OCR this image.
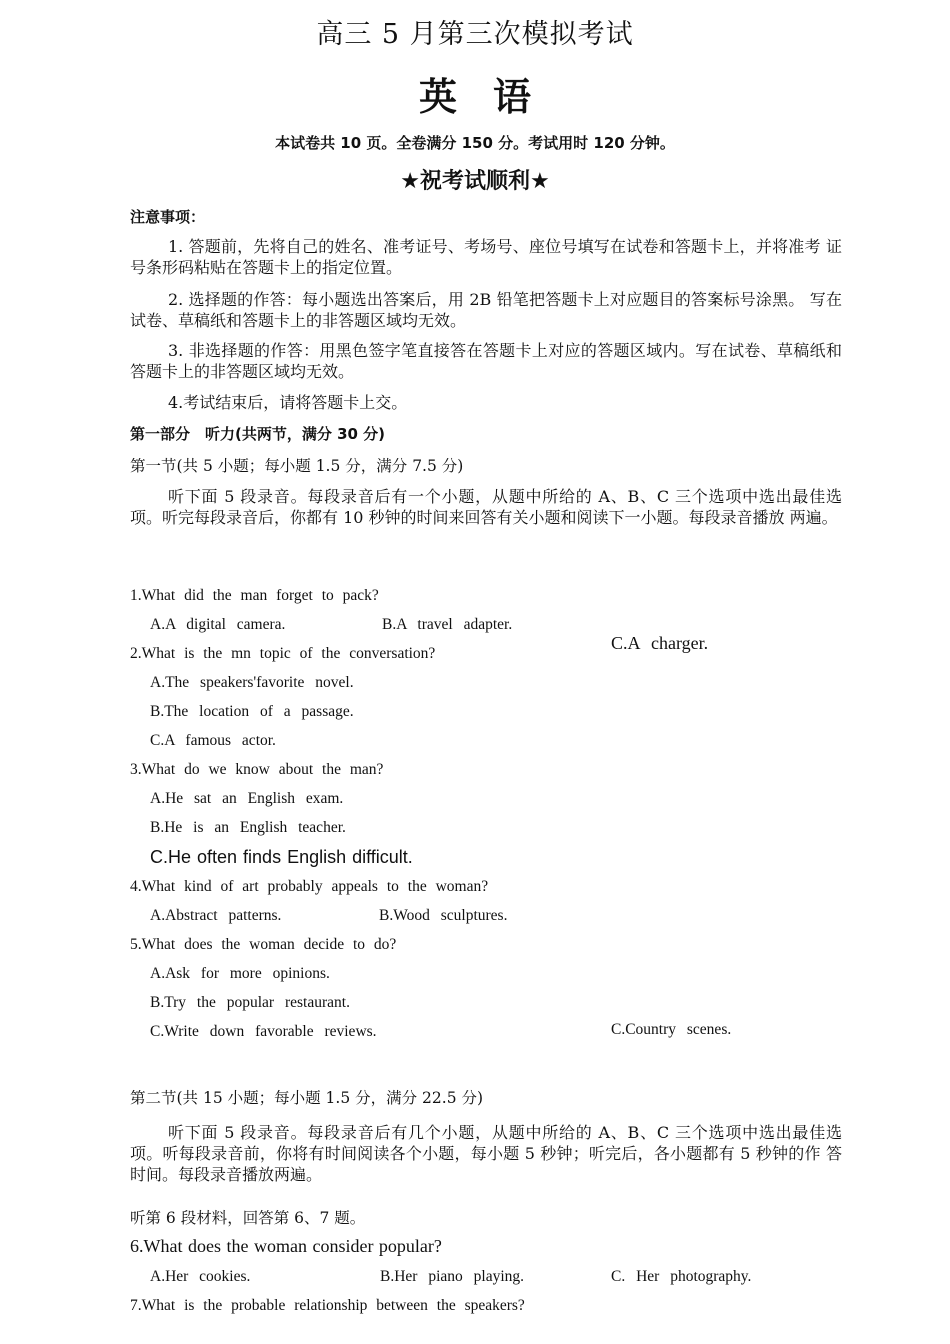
高三 5 月第三次模拟考试
英语
本试卷共 10 页。全卷满分 150 分。考试用时 120 分钟。
★祝考试顺利★
注意事项：
1. 答题前，先将自己的姓名、准考证号、考场号、座位号填写在试卷和答题卡上，并将准考 证号条形码粘贴在答题卡上的指定位置。
2. 选择题的作答：每小题选出答案后，用 2B 铅笔把答题卡上对应题目的答案标号涂黑。 写在试卷、草稿纸和答题卡上的非答题区域均无效。
3. 非选择题的作答：用黑色签字笔直接答在答题卡上对应的答题区域内。写在试卷、草稿纸和答题卡上的非答题区域均无效。
4.考试结束后，请将答题卡上交。
第一部分　听力(共两节，满分 30 分)
第一节(共 5 小题；每小题 1.5 分，满分 7.5 分)
听下面 5 段录音。每段录音后有一个小题，从题中所给的 A、B、C 三个选项中选出最佳选 项。听完每段录音后，你都有 10 秒钟的时间来回答有关小题和阅读下一小题。每段录音播放 两遍。
1.What did the man forget to pack?
A.A digital camera.	B.A travel adapter.
C.A charger.
2.What is the mn topic of the conversation?
A.The speakers'favorite novel.
B.The location of a passage.
C.A famous actor.
3.What do we know about the man?
A.He sat an English exam.
B.He is an English teacher.
C.He often finds English difficult.
4.What kind of art probably appeals to the woman?
A.Abstract patterns.	B.Wood sculptures.
C.Country scenes.
5.What does the woman decide to do?
A.Ask for more opinions.
B.Try the popular restaurant.
C.Write down favorable reviews.
第二节(共 15 小题；每小题 1.5 分，满分 22.5 分)
听下面 5 段录音。每段录音后有几个小题，从题中所给的 A、B、C 三个选项中选出最佳选 项。听每段录音前，你将有时间阅读各个小题，每小题 5 秒钟；听完后，各小题都有 5 秒钟的作 答时间。每段录音播放两遍。
听第 6 段材料，回答第 6、7 题。
6.What does the woman consider popular?
A.Her cookies.	B.Her piano playing.	C. Her photography.
7.What is the probable relationship between the speakers?
